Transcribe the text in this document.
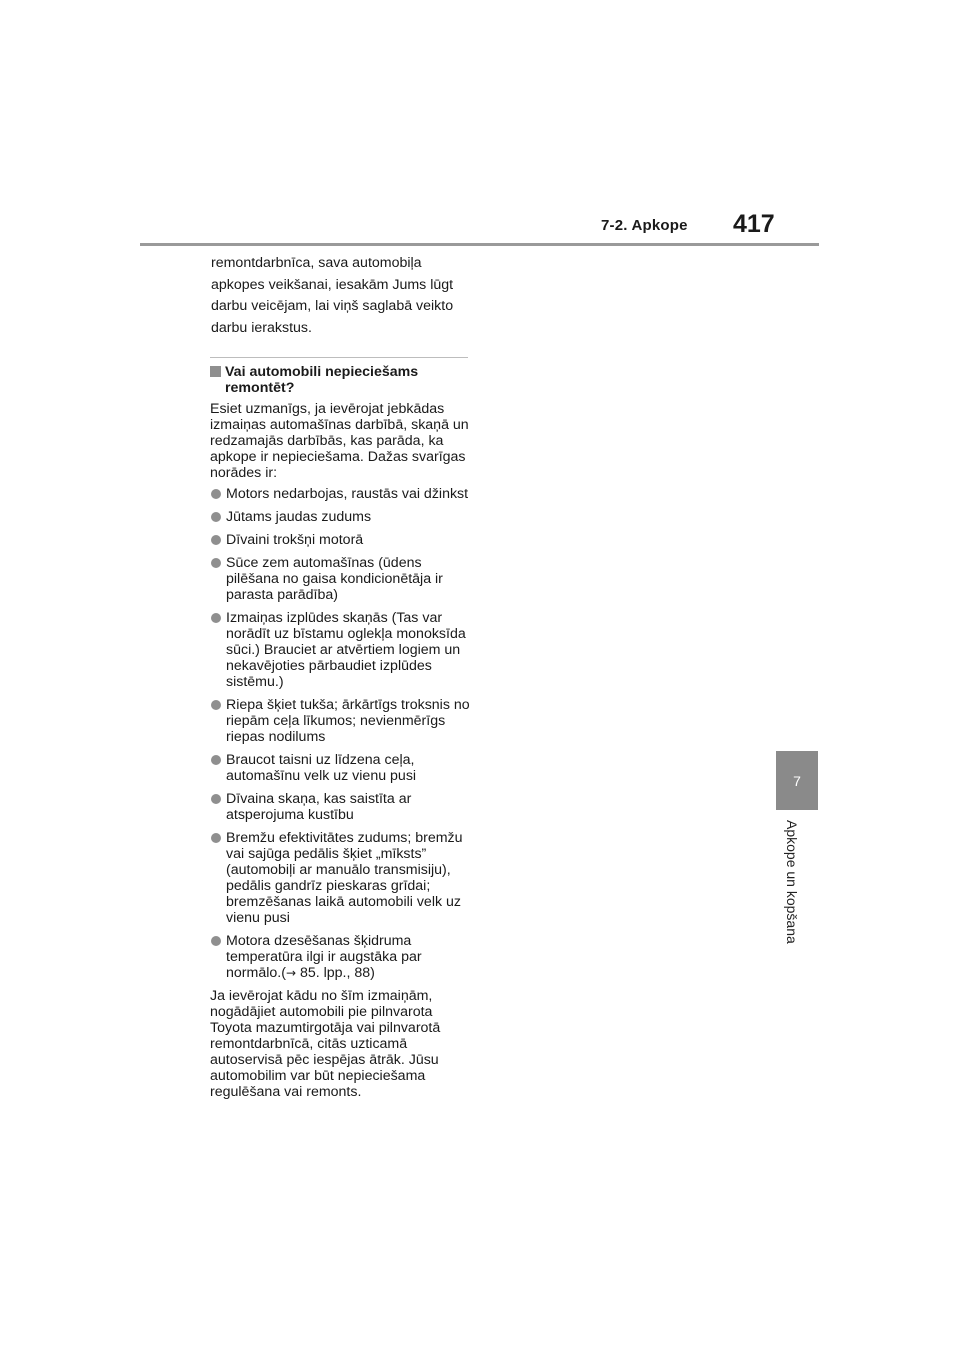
7-2. Apkope 417
7
Apkope un kopšana

remontdarbnīca, sava automobiļa apkopes veikšanai, iesakām Jums lūgt darbu veicējam, lai viņš saglabā veikto darbu ierakstus.

Vai automobili nepieciešams remontēt?

Esiet uzmanīgs, ja ievērojat jebkādas izmaiņas automašīnas darbībā, skaņā un redzamajās darbībās, kas parāda, ka apkope ir nepieciešama. Dažas svarīgas norādes ir:

Motors nedarbojas, raustās vai džinkst
Jūtams jaudas zudums
Dīvaini trokšņi motorā
Sūce zem automašīnas (ūdens pilēšana no gaisa kondicionētāja ir parasta parādība)
Izmaiņas izplūdes skaņās (Tas var norādīt uz bīstamu oglekļa monoksīda sūci.) Brauciet ar atvērtiem logiem un nekavējoties pārbaudiet izplūdes sistēmu.)
Riepa šķiet tukša; ārkārtīgs troksnis no riepām ceļa līkumos; nevienmērīgs riepas nodilums
Braucot taisni uz līdzena ceļa, automašīnu velk uz vienu pusi
Dīvaina skaņa, kas saistīta ar atsperojuma kustību
Bremžu efektivitātes zudums; bremžu vai sajūga pedālis šķiet „mīksts” (automobiļi ar manuālo transmisiju), pedālis gandrīz pieskaras grīdai; bremzēšanas laikā automobili velk uz vienu pusi
Motora dzesēšanas šķidruma temperatūra ilgi ir augstāka par normālo.(→ 85. lpp., 88)

Ja ievērojat kādu no šīm izmaiņām, nogādājiet automobili pie pilnvarota Toyota mazumtirgotāja vai pilnvarotā remontdarbnīcā, citās uzticamā autoservisā pēc iespējas ātrāk. Jūsu automobilim var būt nepieciešama regulēšana vai remonts.
